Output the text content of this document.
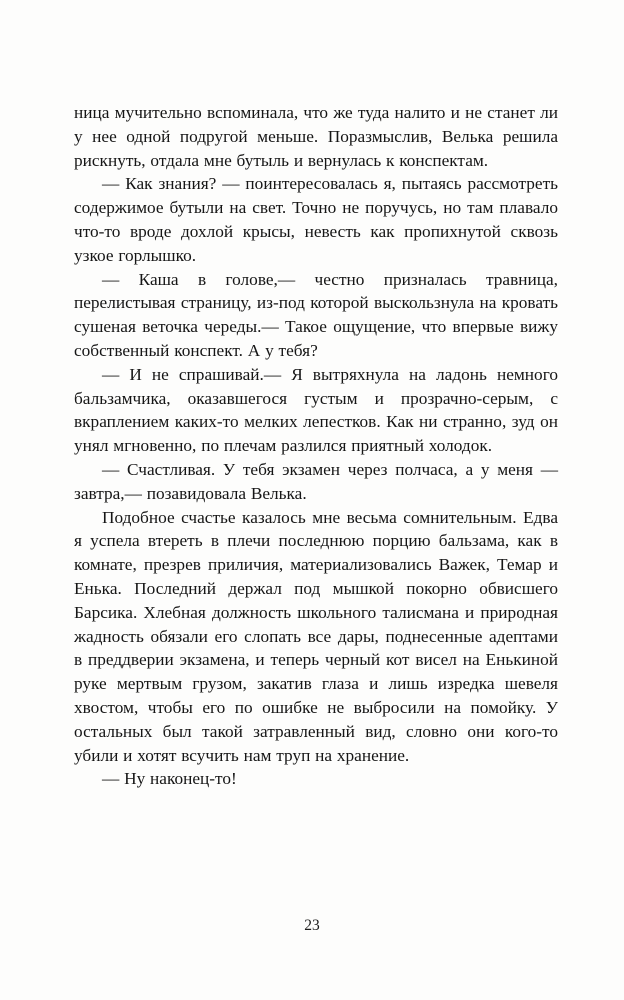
ница мучительно вспоминала, что же туда налито и не станет ли у нее одной подругой меньше. Поразмыслив, Велька решила рискнуть, отдала мне бутыль и вернулась к конспектам.

— Как знания? — поинтересовалась я, пытаясь рассмотреть содержимое бутыли на свет. Точно не поручусь, но там плавало что-то вроде дохлой крысы, невесть как пропихнутой сквозь узкое горлышко.

— Каша в голове,— честно призналась травница, перелистывая страницу, из-под которой выскользнула на кровать сушеная веточка череды.— Такое ощущение, что впервые вижу собственный конспект. А у тебя?

— И не спрашивай.— Я вытряхнула на ладонь немного бальзамчика, оказавшегося густым и прозрачно-серым, с вкраплением каких-то мелких лепестков. Как ни странно, зуд он унял мгновенно, по плечам разлился приятный холодок.

— Счастливая. У тебя экзамен через полчаса, а у меня — завтра,— позавидовала Велька.

Подобное счастье казалось мне весьма сомнительным. Едва я успела втереть в плечи последнюю порцию бальзама, как в комнате, презрев приличия, материализовались Важек, Темар и Енька. Последний держал под мышкой покорно обвисшего Барсика. Хлебная должность школьного талисмана и природная жадность обязали его слопать все дары, поднесенные адептами в преддверии экзамена, и теперь черный кот висел на Енькиной руке мертвым грузом, закатив глаза и лишь изредка шевеля хвостом, чтобы его по ошибке не выбросили на помойку. У остальных был такой затравленный вид, словно они кого-то убили и хотят всучить нам труп на хранение.

— Ну наконец-то!

23
